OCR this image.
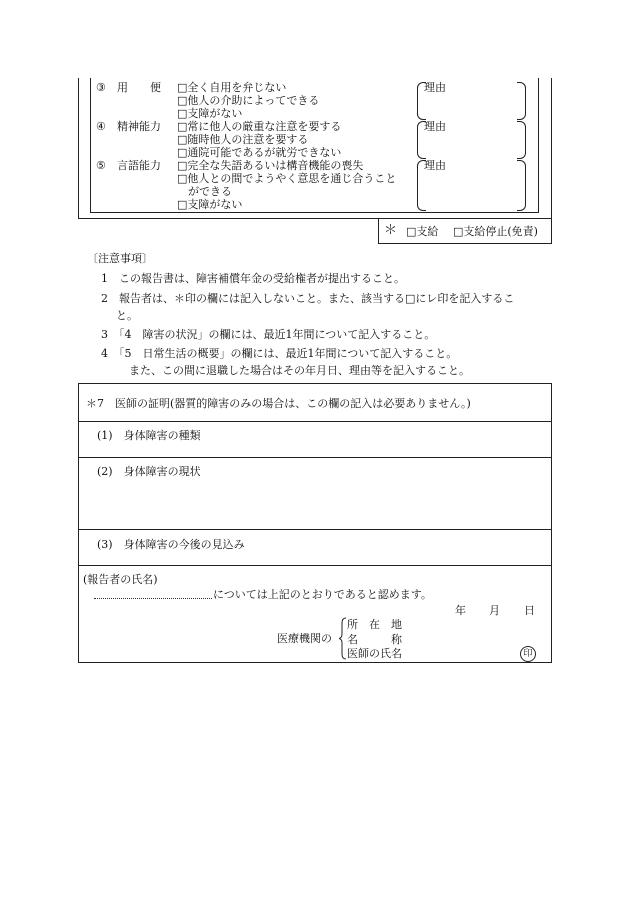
③ 用　　便 □全く自用を弁じない
□他人の介助によってできる
□支障がない
理由
④ 精神能力 □常に他人の厳重な注意を要する
□随時他人の注意を要する
□通院可能であるが就労できない
理由
⑤ 言語能力 □完全な失語あるいは構音機能の喪失
□他人との間でようやく意思を通じ合うこと
　ができる
□支障がない
理由
＊ □支給 □支給停止(免責)
〔注意事項〕
1　この報告書は、障害補償年金の受給権者が提出すること。
2　報告者は、＊印の欄には記入しないこと。また、該当する□にレ印を記入するこ
と。
3　「4　障害の状況」の欄には、最近1年間について記入すること。
4　「5　日常生活の概要」の欄には、最近1年間について記入すること。
また、この間に退職した場合はその年月日、理由等を記入すること。
＊7　医師の証明(器質的障害のみの場合は、この欄の記入は必要ありません。)
(1)　身体障害の種類
(2)　身体障害の現状
(3)　身体障害の今後の見込み
(報告者の氏名)
については上記のとおりであると認めます。
年 月 日
医療機関の
所　在　地
名　　　称
医師の氏名	印
